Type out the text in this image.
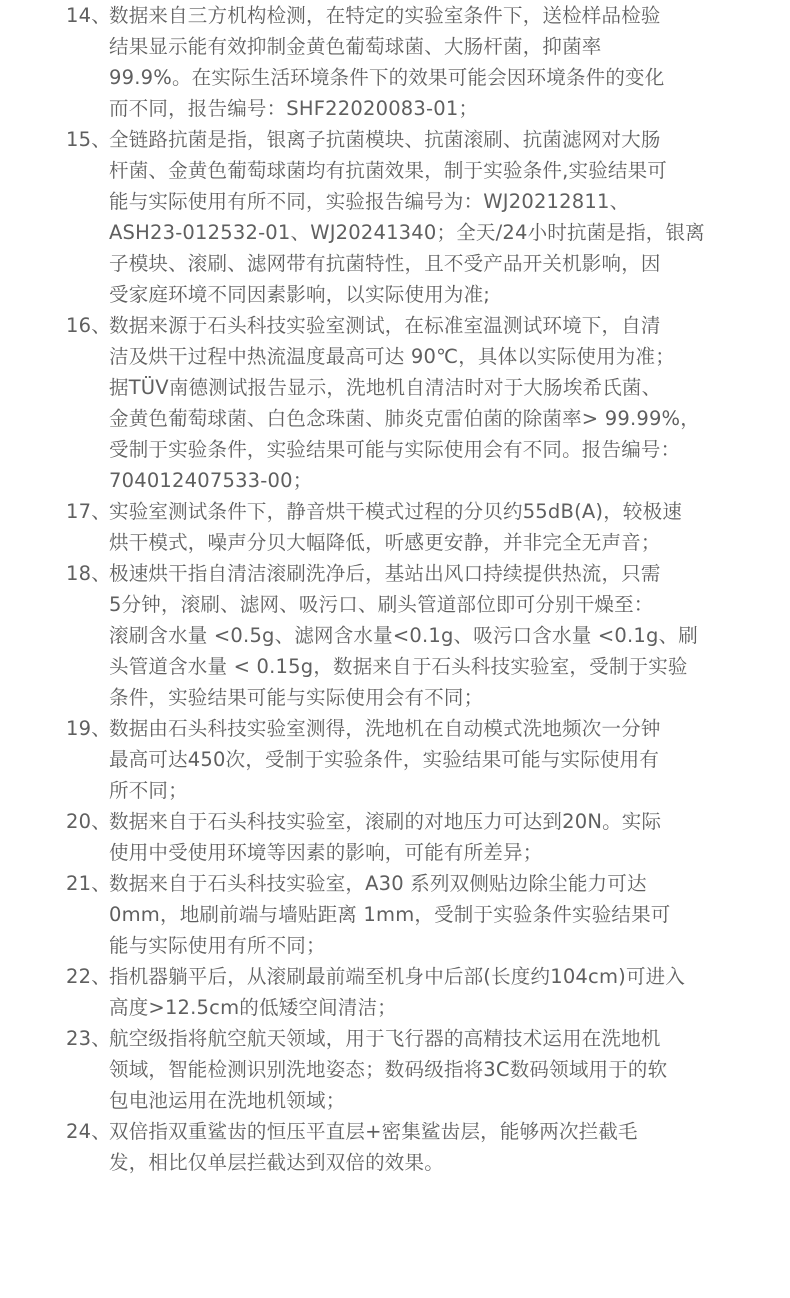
14、
数据来自三方机构检测，在特定的实验室条件下，送检样品检验
结果显示能有效抑制金黄色葡萄球菌、大肠杆菌，抑菌率
99.9%。在实际生活环境条件下的效果可能会因环境条件的变化
而不同，报告编号：SHF22020083-01；
15、
全链路抗菌是指，银离子抗菌模块、抗菌滚刷、抗菌滤网对大肠
杆菌、金黄色葡萄球菌均有抗菌效果，制于实验条件,实验结果可
能与实际使用有所不同，实验报告编号为：WJ20212811、
ASH23-012532-01、WJ20241340；全天/24小时抗菌是指，银离
子模块、滚刷、滤网带有抗菌特性，且不受产品开关机影响，因
受家庭环境不同因素影响，以实际使用为准;
16、
数据来源于石头科技实验室测试，在标准室温测试环境下，自清
洁及烘干过程中热流温度最高可达 90℃，具体以实际使用为准；
据TÜV南德测试报告显示，洗地机自清洁时对于大肠埃希氏菌、
金黄色葡萄球菌、白色念珠菌、肺炎克雷伯菌的除菌率> 99.99%，
受制于实验条件，实验结果可能与实际使用会有不同。报告编号：
704012407533-00；
17、
实验室测试条件下，静音烘干模式过程的分贝约55dB(A)，较极速
烘干模式，噪声分贝大幅降低，听感更安静，并非完全无声音；
18、
极速烘干指自清洁滚刷洗净后，基站出风口持续提供热流，只需
5分钟，滚刷、滤网、吸污口、刷头管道部位即可分别干燥至：
滚刷含水量 <0.5g、滤网含水量<0.1g、吸污口含水量 <0.1g、刷
头管道含水量 < 0.15g，数据来自于石头科技实验室，受制于实验
条件，实验结果可能与实际使用会有不同；
19、
数据由石头科技实验室测得，洗地机在自动模式洗地频次一分钟
最高可达450次，受制于实验条件，实验结果可能与实际使用有
所不同；
20、
数据来自于石头科技实验室，滚刷的对地压力可达到20N。实际
使用中受使用环境等因素的影响，可能有所差异；
21、
数据来自于石头科技实验室，A30 系列双侧贴边除尘能力可达
0mm，地刷前端与墙贴距离 1mm，受制于实验条件实验结果可
能与实际使用有所不同；
22、
指机器躺平后，从滚刷最前端至机身中后部(长度约104cm)可进入
高度>12.5cm的低矮空间清洁；
23、
航空级指将航空航天领域，用于飞行器的高精技术运用在洗地机
领域，智能检测识别洗地姿态；数码级指将3C数码领域用于的软
包电池运用在洗地机领域；
24、
双倍指双重鲨齿的恒压平直层+密集鲨齿层，能够两次拦截毛
发，相比仅单层拦截达到双倍的效果。
